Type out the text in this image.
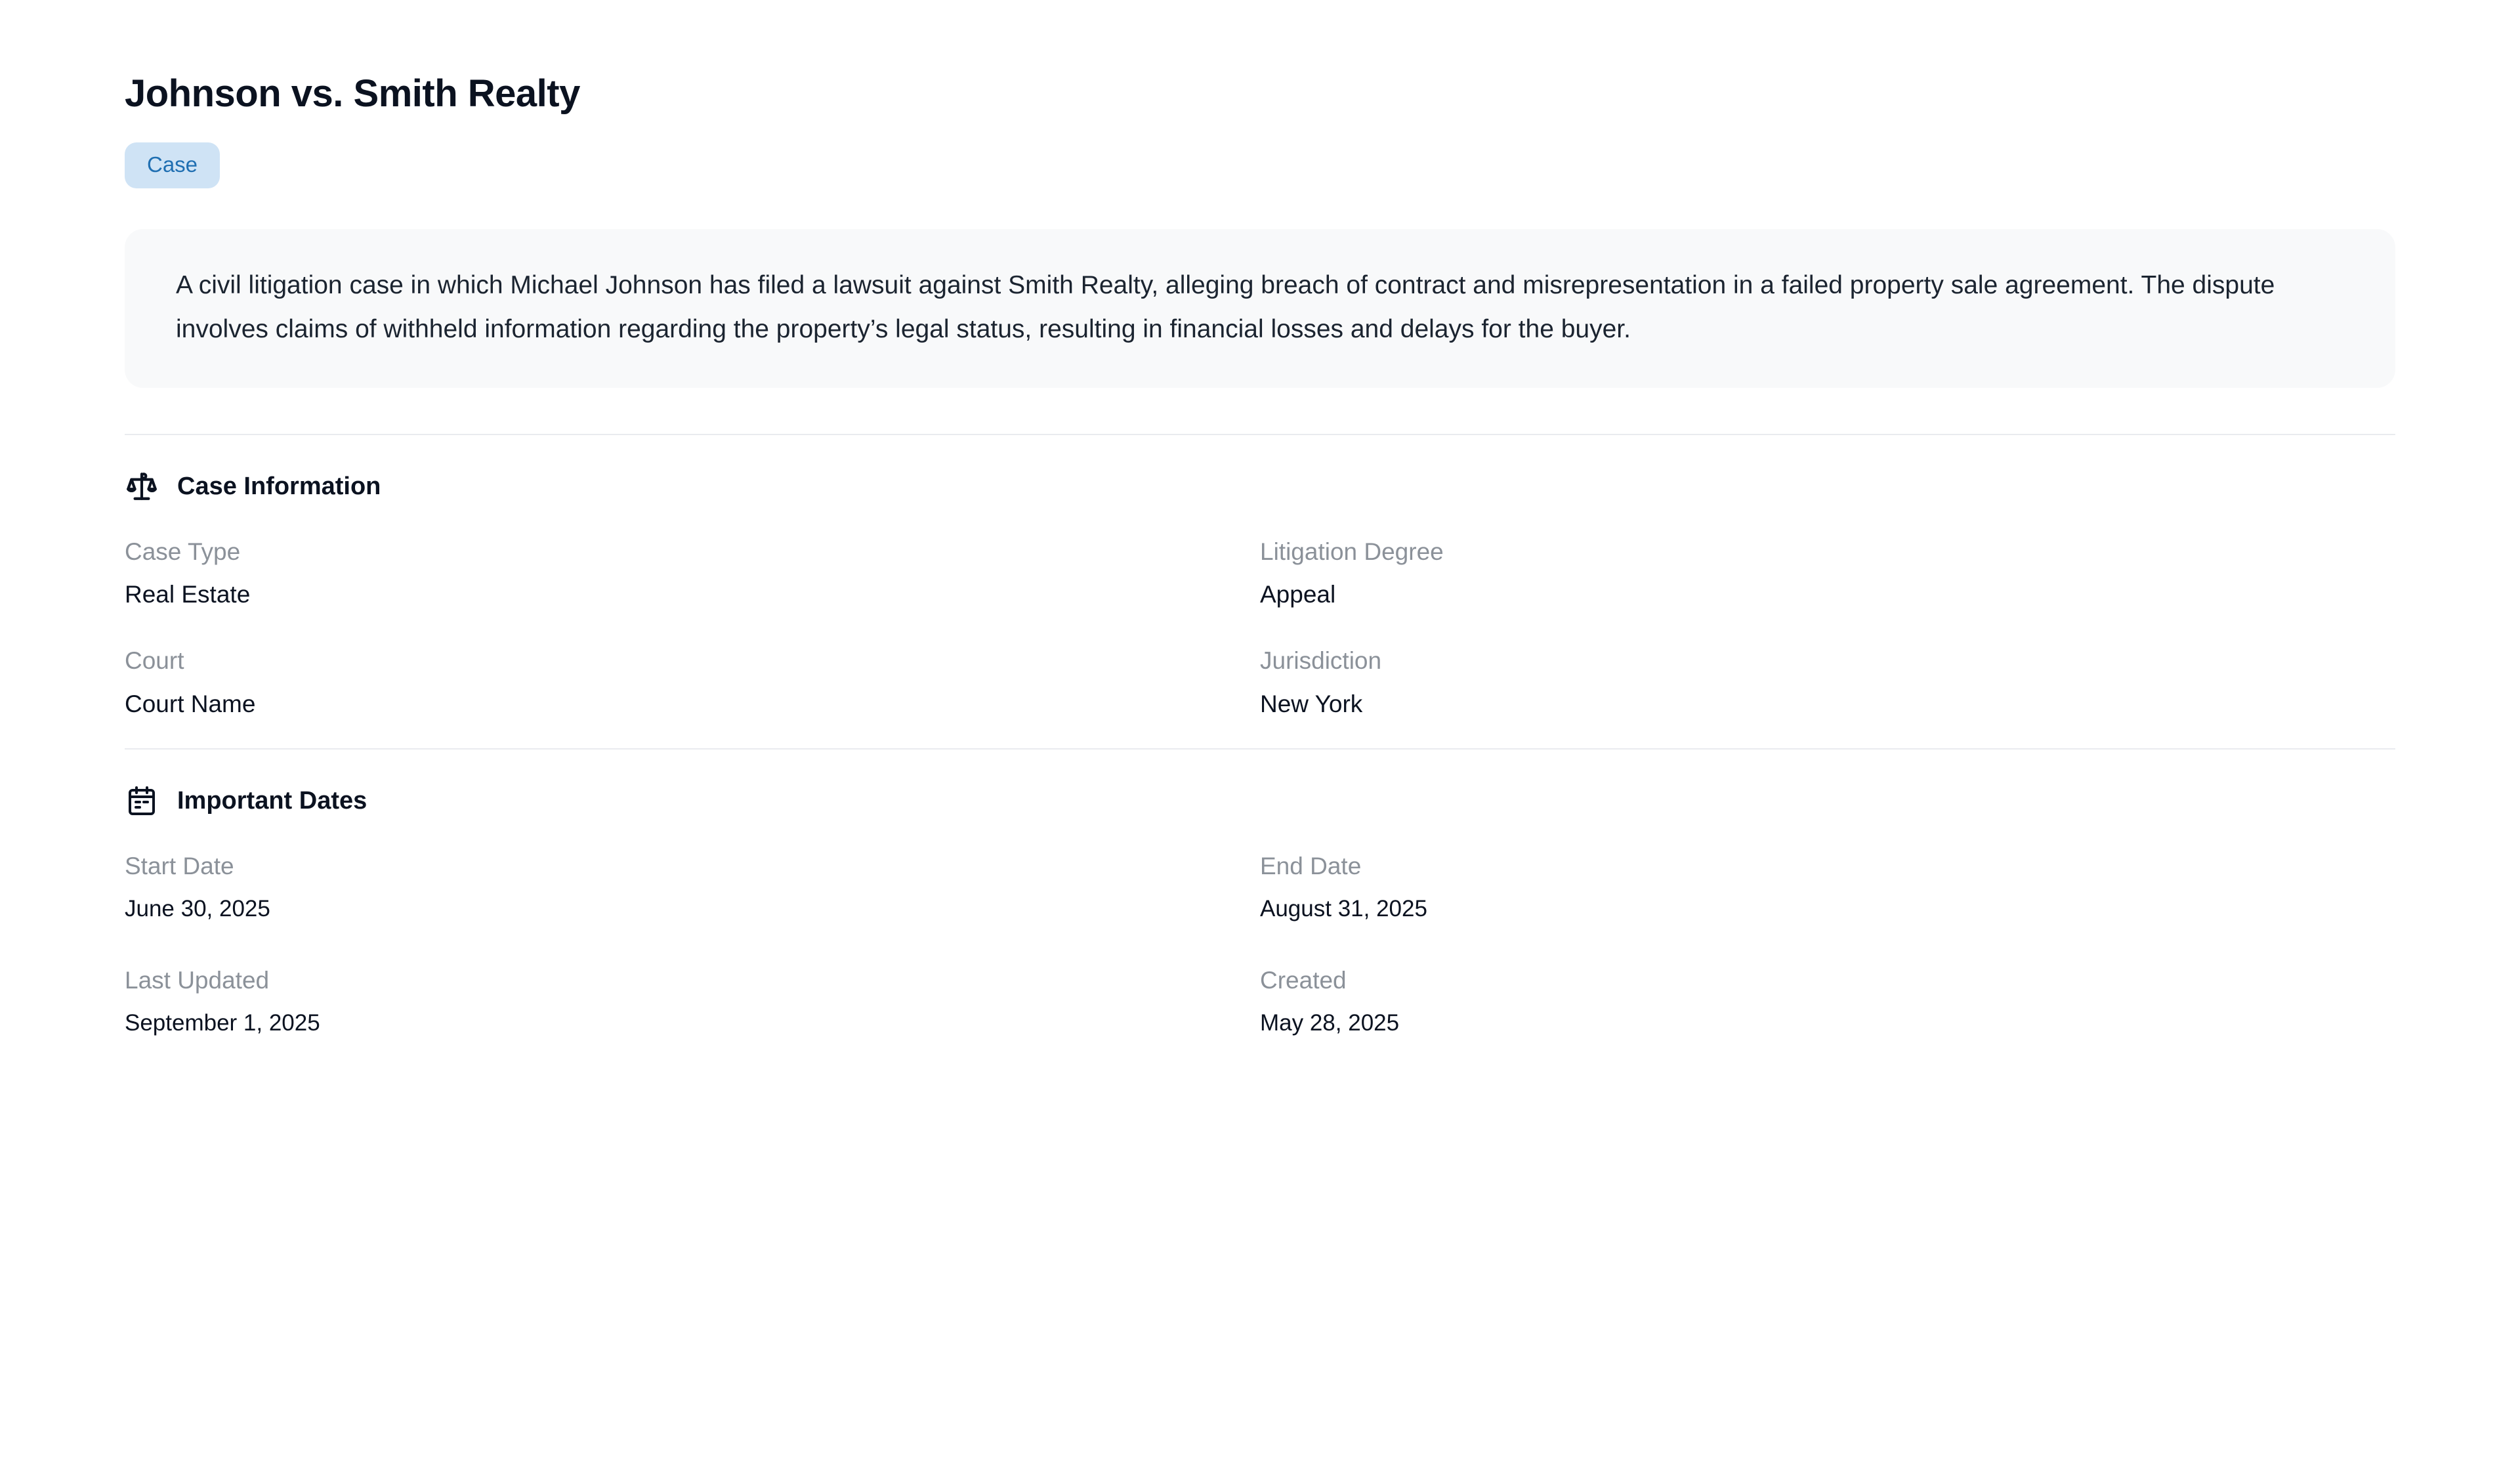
Johnson vs. Smith Realty
Case

A civil litigation case in which Michael Johnson has filed a lawsuit against Smith Realty, alleging breach of contract and misrepresentation in a failed property sale agreement. The dispute involves claims of withheld information regarding the property’s legal status, resulting in financial losses and delays for the buyer.

Case Information
Case Type
Real Estate
Litigation Degree
Appeal
Court
Court Name
Jurisdiction
New York
Important Dates
Start Date
June 30, 2025
End Date
August 31, 2025
Last Updated
September 1, 2025
Created
May 28, 2025
